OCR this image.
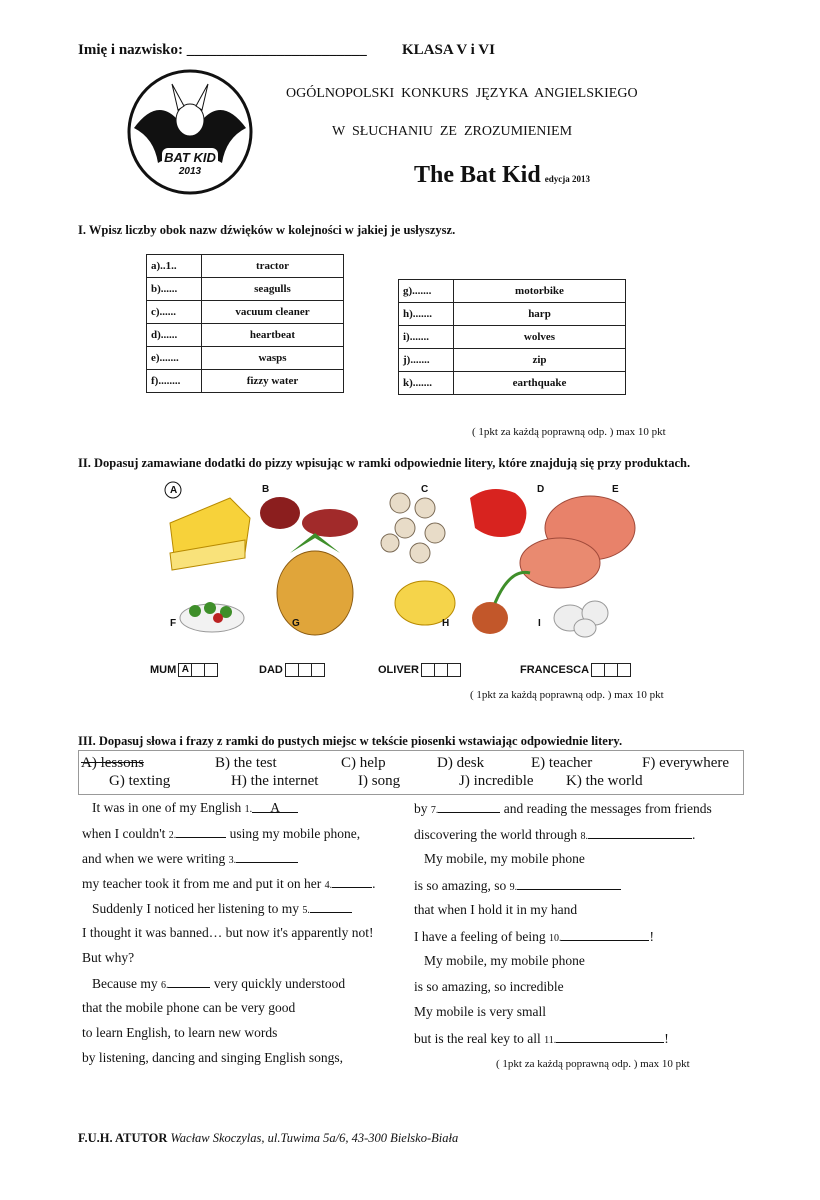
Imię i nazwisko: ________________________ KLASA V i VI
BAT KID
2013
OGÓLNOPOLSKI  KONKURS  JĘZYKA  ANGIELSKIEGO
W  SŁUCHANIU  ZE  ZROZUMIENIEM
The Bat Kid edycja 2013
I. Wpisz liczby obok nazw dźwięków w kolejności w jakiej je usłyszysz.
a)..1..	tractor
b)......	seagulls
c)......	vacuum cleaner
d)......	heartbeat
e).......	wasps
f)........	fizzy water
g).......	motorbike
h).......	harp
i).......	wolves
j).......	zip
k).......	earthquake
( 1pkt za każdą poprawną odp. ) max 10 pkt
II. Dopasuj zamawiane dodatki do pizzy wpisując w ramki odpowiednie litery, które znajdują się przy produktach.
A	B	C	D	E
F	G	H	I
MUM A	DAD	OLIVER	FRANCESCA
( 1pkt za każdą poprawną odp. ) max 10 pkt
III. Dopasuj słowa i frazy z ramki do pustych miejsc w tekście piosenki wstawiając odpowiednie litery.
A) lessons	B) the test	C) help	D) desk	E) teacher	F) everywhere
G) texting	H) the internet	I) song	J) incredible K) the world
It was in one of my English 1. A
when I couldn't 2.	using my mobile phone,
and when we were writing 3.
my teacher took it from me and put it on her 4.	.
Suddenly I noticed her listening to my 5.
I thought it was banned… but now it's apparently not!
But why?
Because my 6.	very quickly understood
that the mobile phone can be very good
to learn English, to learn new words
by listening, dancing and singing English songs,
by 7.	and reading the messages from friends
discovering the world through 8.	.
My mobile, my mobile phone
is so amazing, so 9.
that when I hold it in my hand
I have a feeling of being 10.	!
My mobile, my mobile phone
is so amazing, so incredible
My mobile is very small
but is the real key to all 11.	!
( 1pkt za każdą poprawną odp. ) max 10 pkt
F.U.H. ATUTOR Wacław Skoczylas, ul.Tuwima 5a/6, 43-300 Bielsko-Biała
